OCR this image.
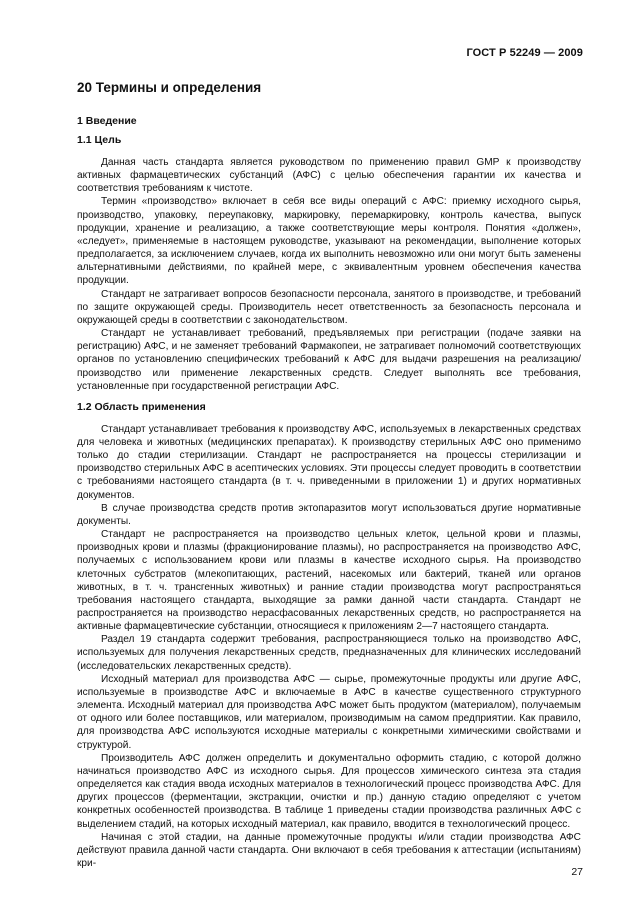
ГОСТ Р 52249 — 2009
20 Термины и определения
1 Введение
1.1 Цель

Данная часть стандарта является руководством по применению правил GMP к производству активных фармацевтических субстанций (АФС) с целью обеспечения гарантии их качества и соответствия требованиям к чистоте.

Термин «производство» включает в себя все виды операций с АФС: приемку исходного сырья, производство, упаковку, переупаковку, маркировку, перемаркировку, контроль качества, выпуск продукции, хранение и реализацию, а также соответствующие меры контроля. Понятия «должен», «следует», применяемые в настоящем руководстве, указывают на рекомендации, выполнение которых предполагается, за исключением случаев, когда их выполнить невозможно или они могут быть заменены альтернативными действиями, по крайней мере, с эквивалентным уровнем обеспечения качества продукции.

Стандарт не затрагивает вопросов безопасности персонала, занятого в производстве, и требований по защите окружающей среды. Производитель несет ответственность за безопасность персонала и окружающей среды в соответствии с законодательством.

Стандарт не устанавливает требований, предъявляемых при регистрации (подаче заявки на регистрацию) АФС, и не заменяет требований Фармакопеи, не затрагивает полномочий соответствующих органов по установлению специфических требований к АФС для выдачи разрешения на реализацию/производство или применение лекарственных средств. Следует выполнять все требования, установленные при государственной регистрации АФС.

1.2 Область применения

Стандарт устанавливает требования к производству АФС, используемых в лекарственных средствах для человека и животных (медицинских препаратах). К производству стерильных АФС оно применимо только до стадии стерилизации. Стандарт не распространяется на процессы стерилизации и производство стерильных АФС в асептических условиях. Эти процессы следует проводить в соответствии с требованиями настоящего стандарта (в т. ч. приведенными в приложении 1) и других нормативных документов.

В случае производства средств против эктопаразитов могут использоваться другие нормативные документы.

Стандарт не распространяется на производство цельных клеток, цельной крови и плазмы, производных крови и плазмы (фракционирование плазмы), но распространяется на производство АФС, получаемых с использованием крови или плазмы в качестве исходного сырья. На производство клеточных субстратов (млекопитающих, растений, насекомых или бактерий, тканей или органов животных, в т. ч. трансгенных животных) и ранние стадии производства могут распространяться требования настоящего стандарта, выходящие за рамки данной части стандарта. Стандарт не распространяется на производство нерасфасованных лекарственных средств, но распространяется на активные фармацевтические субстанции, относящиеся к приложениям 2—7 настоящего стандарта.

Раздел 19 стандарта содержит требования, распространяющиеся только на производство АФС, используемых для получения лекарственных средств, предназначенных для клинических исследований (исследовательских лекарственных средств).

Исходный материал для производства АФС — сырье, промежуточные продукты или другие АФС, используемые в производстве АФС и включаемые в АФС в качестве существенного структурного элемента. Исходный материал для производства АФС может быть продуктом (материалом), получаемым от одного или более поставщиков, или материалом, производимым на самом предприятии. Как правило, для производства АФС используются исходные материалы с конкретными химическими свойствами и структурой.

Производитель АФС должен определить и документально оформить стадию, с которой должно начинаться производство АФС из исходного сырья. Для процессов химического синтеза эта стадия определяется как стадия ввода исходных материалов в технологический процесс производства АФС. Для других процессов (ферментации, экстракции, очистки и пр.) данную стадию определяют с учетом конкретных особенностей производства. В таблице 1 приведены стадии производства различных АФС с выделением стадий, на которых исходный материал, как правило, вводится в технологический процесс.

Начиная с этой стадии, на данные промежуточные продукты и/или стадии производства АФС действуют правила данной части стандарта. Они включают в себя требования к аттестации (испытаниям) кри-

27
